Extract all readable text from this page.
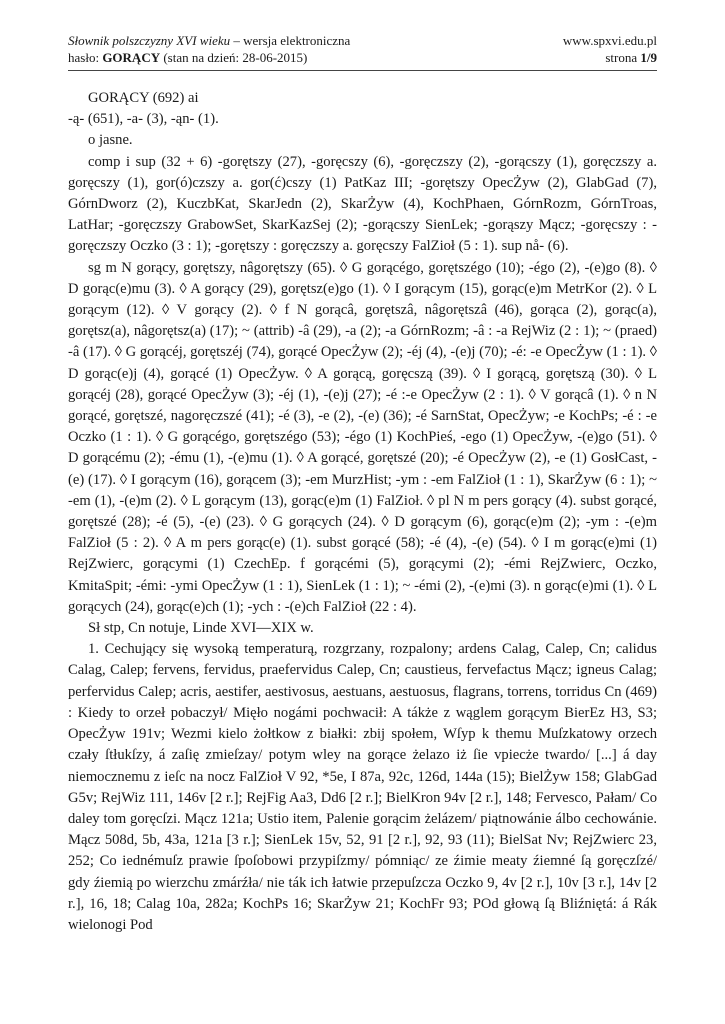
Słownik polszczyzny XVI wieku – wersja elektroniczna	www.spxvi.edu.pl
hasło: GORĄCY (stan na dzień: 28-06-2015)	strona 1/9

GORĄCY (692) ai

-ą- (651), -a- (3), -ąn- (1).

o jasne.

comp i sup (32 + 6) -gorętszy (27), -goręcszy (6), -goręczszy (2), -gorącszy (1), goręczszy a. goręcszy (1), gor(ó)czszy a. gor(ć)cszy (1) PatKaz III; -gorętszy OpecŻyw (2), GlabGad (7), GórnDworz (2), KuczbKat, SkarJedn (2), SkarŻyw (4), KochPhaen, GórnRozm, GórnTroas, LatHar; -goręczszy GrabowSet, SkarKazSej (2); -gorącszy SienLek; -gorąszy Mącz; -goręcszy : -goręczszy Oczko (3 : 1); -gorętszy : goręczszy a. goręcszy FalZioł (5 : 1). sup nå- (6).

sg m N gorący, gorętszy, nâgorętszy (65). ◊ G gorącégo, gorętszégo (10); -égo (2), -(e)go (8). ◊ D gorąc(e)mu (3). ◊ A gorący (29), gorętsz(e)go (1). ◊ I gorącym (15), gorąc(e)m MetrKor (2). ◊ L gorącym (12). ◊ V gorący (2). ◊ f N gorącâ, gorętszâ, nâgorętszâ (46), gorąca (2), gorąc(a), gorętsz(a), nâgorętsz(a) (17); ~ (attrib) -â (29), -a (2); -a GórnRozm; -â : -a RejWiz (2 : 1); ~ (praed) -â (17). ◊ G gorącéj, gorętszéj (74), gorącé OpecŻyw (2); -éj (4), -(e)j (70); -é: -e OpecŻyw (1 : 1). ◊ D gorąc(e)j (4), gorącé (1) OpecŻyw. ◊ A gorącą, goręcszą (39). ◊ I gorącą, gorętszą (30). ◊ L gorącéj (28), gorącé OpecŻyw (3); -éj (1), -(e)j (27); -é :-e OpecŻyw (2 : 1). ◊ V gorącâ (1). ◊ n N gorącé, gorętszé, nagoręczszé (41); -é (3), -e (2), -(e) (36); -é SarnStat, OpecŻyw; -e KochPs; -é : -e Oczko (1 : 1). ◊ G gorącégo, gorętszégo (53); -égo (1) KochPieś, -ego (1) OpecŻyw, -(e)go (51). ◊ D gorącému (2); -ému (1), -(e)mu (1). ◊ A gorącé, gorętszé (20); -é OpecŻyw (2), -e (1) GosłCast, -(e) (17). ◊ I gorącym (16), gorącem (3); -em MurzHist; -ym : -em FalZioł (1 : 1), SkarŻyw (6 : 1); ~ -em (1), -(e)m (2). ◊ L gorącym (13), gorąc(e)m (1) FalZioł. ◊ pl N m pers gorący (4). subst gorącé, gorętszé (28); -é (5), -(e) (23). ◊ G gorących (24). ◊ D gorącym (6), gorąc(e)m (2); -ym : -(e)m FalZioł (5 : 2). ◊ A m pers gorąc(e) (1). subst gorącé (58); -é (4), -(e) (54). ◊ I m gorąc(e)mi (1) RejZwierc, gorącymi (1) CzechEp. f gorącémi (5), gorącymi (2); -émi RejZwierc, Oczko, KmitaSpit; -émi: -ymi OpecŻyw (1 : 1), SienLek (1 : 1); ~ -émi (2), -(e)mi (3). n gorąc(e)mi (1). ◊ L gorących (24), gorąc(e)ch (1); -ych : -(e)ch FalZioł (22 : 4).

Sł stp, Cn notuje, Linde XVI—XIX w.

1. Cechujący się wysoką temperaturą, rozgrzany, rozpalony; ardens Calag, Calep, Cn; calidus Calag, Calep; fervens, fervidus, praefervidus Calep, Cn; caustieus, fervefactus Mącz; igneus Calag; perfervidus Calep; acris, aestifer, aestivosus, aestuans, aestuosus, flagrans, torrens, torridus Cn (469) : Kiedy to orzeł pobaczył/ Mięło nogámi pochwacił: A tákże z wąglem gorącym BierEz H3, S3; OpecŻyw 191v; Wezmi kielo żołtkow z białki: zbij społem, Wſyp k themu Muſzkatowy orzech czały ſtłukſzy, á zaſię zmieſzay/ potym wley na gorące żelazo iż ſie vpiecże twardo/ [...] á day niemocznemu z ieſc na nocz FalZioł V 92, *5e, I 87a, 92c, 126d, 144a (15); BielŻyw 158; GlabGad G5v; RejWiz 111, 146v [2 r.]; RejFig Aa3, Dd6 [2 r.]; BielKron 94v [2 r.], 148; Fervesco, Pałam/ Co daley tom goręcſzi. Mącz 121a; Ustio item, Palenie gorącim żelázem/ piątnowánie álbo cechowánie. Mącz 508d, 5b, 43a, 121a [3 r.]; SienLek 15v, 52, 91 [2 r.], 92, 93 (11); BielSat Nv; RejZwierc 23, 252; Co iednémuſz prawie ſpoſobowi przypiſzmy/ pómniąc/ ze źimie meaty źiemné ſą goręczſzé/ gdy źiemią po wierzchu zmárźła/ nie ták ich łatwie przepuſzcza Oczko 9, 4v [2 r.], 10v [3 r.], 14v [2 r.], 16, 18; Calag 10a, 282a; KochPs 16; SkarŻyw 21; KochFr 93; POd głową ſą Bliźniętá: á Rák wielonogi Pod
